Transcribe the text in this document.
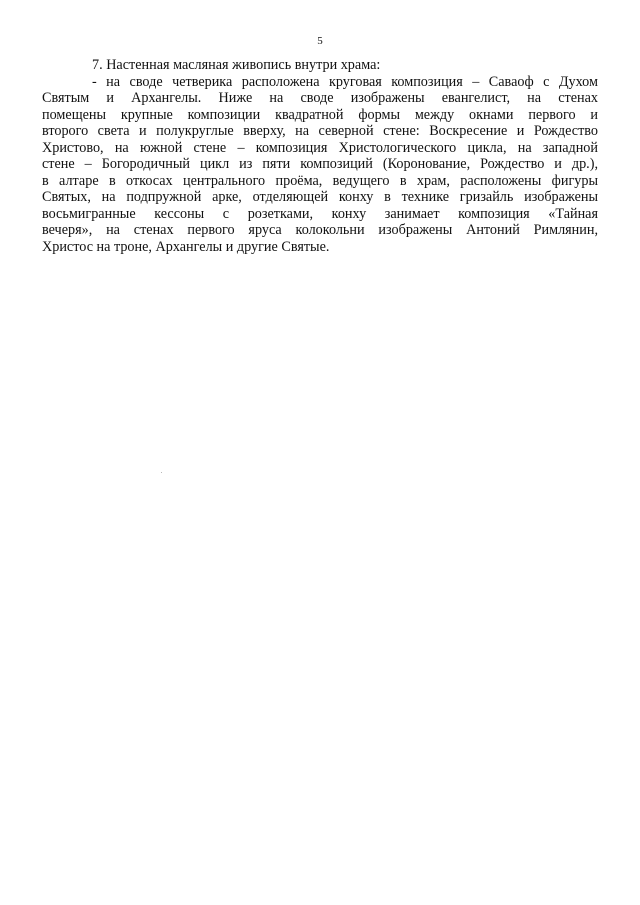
5

7. Настенная масляная живопись внутри храма:

- на своде четверика расположена круговая композиция – Саваоф с Духом
Святым и Архангелы. Ниже на своде изображены евангелист, на стенах
помещены крупные композиции квадратной формы между окнами первого и
второго света и полукруглые вверху, на северной стене: Воскресение и Рождество
Христово, на южной стене – композиция Христологического цикла, на западной
стене – Богородичный цикл из пяти композиций (Коронование, Рождество и др.),
в алтаре в откосах центрального проёма, ведущего в храм, расположены фигуры
Святых, на подпружной арке, отделяющей конху в технике гризайль изображены
восьмигранные кессоны с розетками, конху занимает композиция «Тайная
вечеря», на стенах первого яруса колокольни изображены Антоний Римлянин,
Христос на троне, Архангелы и другие Святые.
